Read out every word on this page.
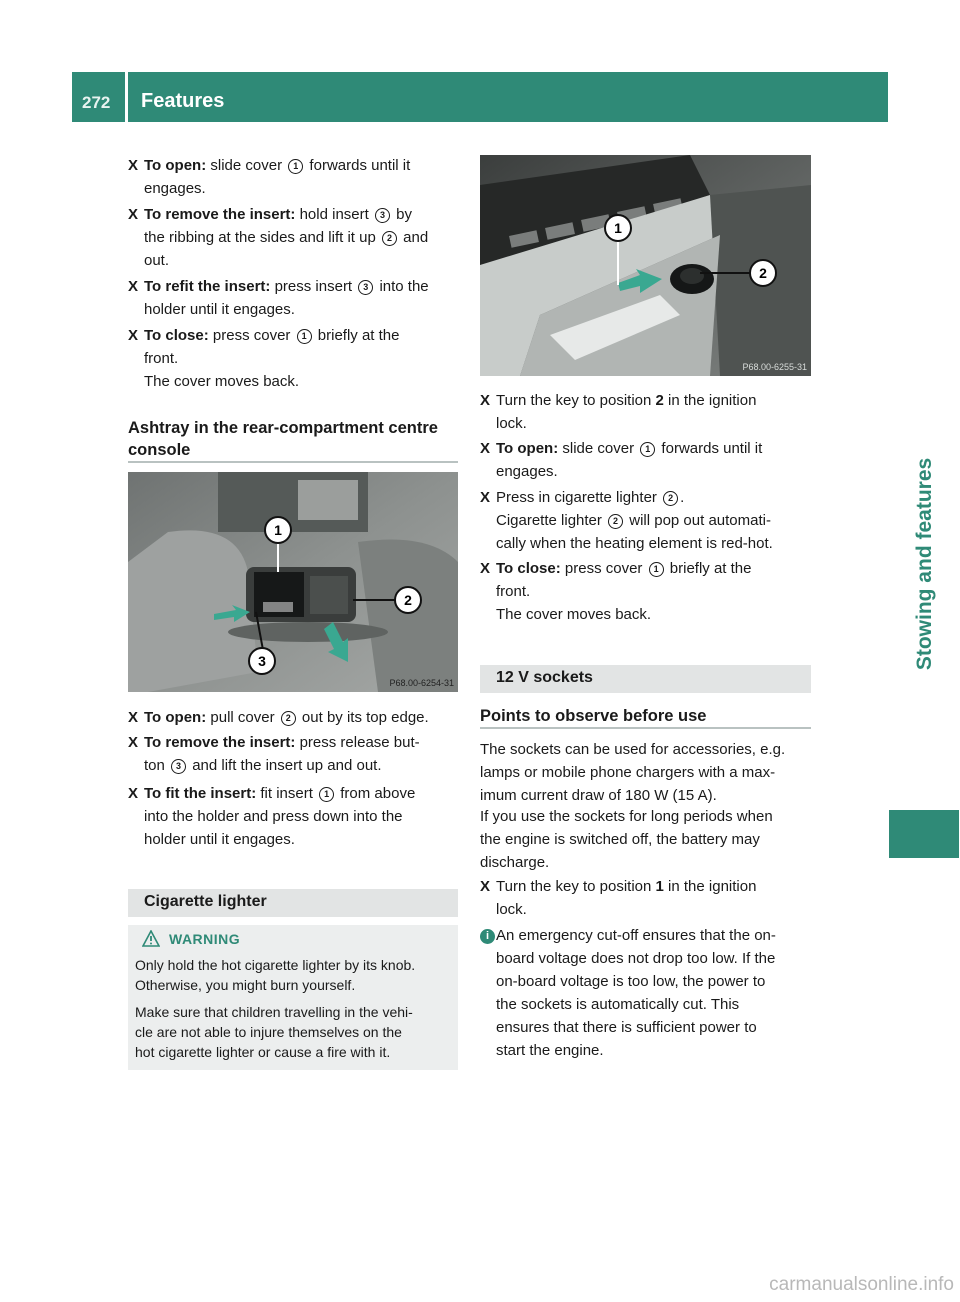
272 Features
Stowing and features
X To open: slide cover 1 forwards until it
engages.
X To remove the insert: hold insert 3 by
the ribbing at the sides and lift it up 2 and
out.
X To refit the insert: press insert 3 into the
holder until it engages.
X To close: press cover 1 briefly at the
front.
The cover moves back.
Ashtray in the rear-compartment centre
console
1
2
3
P68.00-6254-31
X To open: pull cover 2 out by its top edge.
X To remove the insert: press release but-
ton 3 and lift the insert up and out.
X To fit the insert: fit insert 1 from above
into the holder and press down into the
holder until it engages.
Cigarette lighter
WARNING

Only hold the hot cigarette lighter by its knob.
Otherwise, you might burn yourself.

Make sure that children travelling in the vehi-
cle are not able to injure themselves on the
hot cigarette lighter or cause a fire with it.

1
2
P68.00-6255-31
X Turn the key to position 2 in the ignition
lock.
X To open: slide cover 1 forwards until it
engages.
X Press in cigarette lighter 2 .
Cigarette lighter 2 will pop out automati-
cally when the heating element is red-hot.
X To close: press cover 1 briefly at the
front.
The cover moves back.
12 V sockets
Points to observe before use
The sockets can be used for accessories, e.g.
lamps or mobile phone chargers with a max-
imum current draw of 180 W (15 A).
If you use the sockets for long periods when
the engine is switched off, the battery may
discharge.
X Turn the key to position 1 in the ignition
lock.
i An emergency cut-off ensures that the on-
board voltage does not drop too low. If the
on-board voltage is too low, the power to
the sockets is automatically cut. This
ensures that there is sufficient power to
start the engine.
carmanualsonline.info
